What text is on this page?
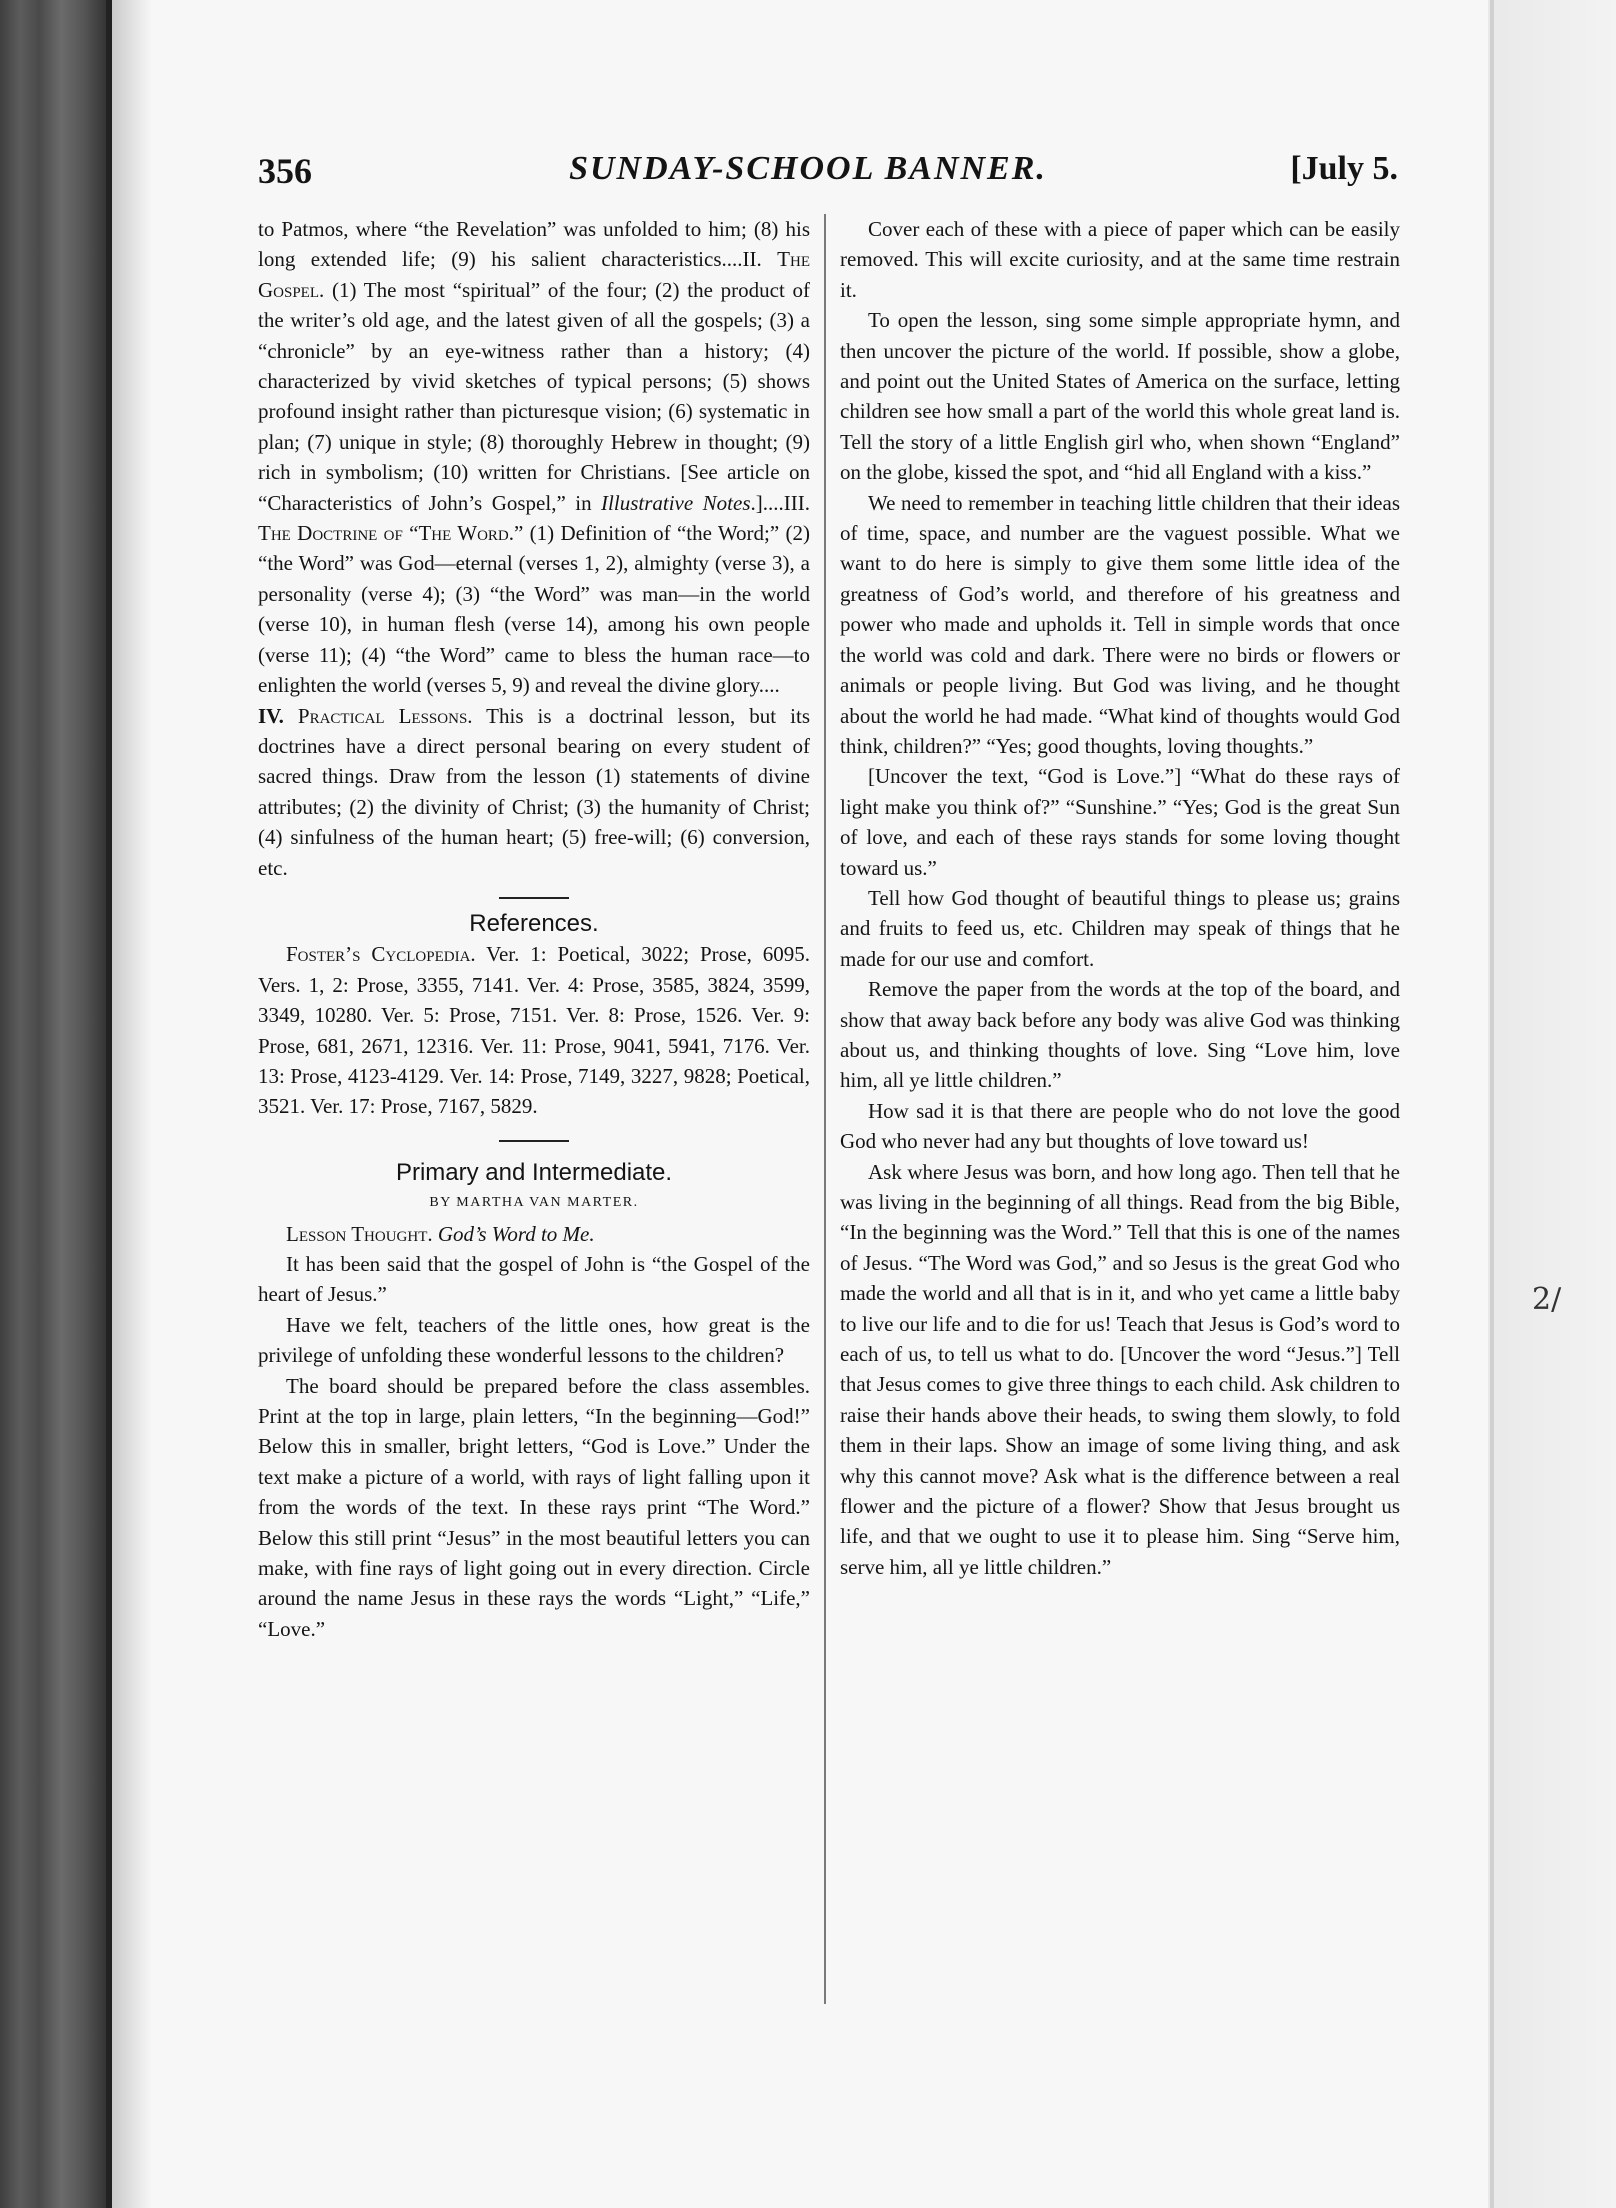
2/
356	SUNDAY-SCHOOL BANNER.	[July 5.

to Patmos, where “the Revelation” was unfolded to him; (8) his long extended life; (9) his salient characteristics....II. The Gospel. (1) The most “spiritual” of the four; (2) the product of the writer’s old age, and the latest given of all the gospels; (3) a “chronicle” by an eye-witness rather than a history; (4) characterized by vivid sketches of typical persons; (5) shows profound insight rather than picturesque vision; (6) systematic in plan; (7) unique in style; (8) thoroughly Hebrew in thought; (9) rich in symbolism; (10) written for Christians. [See article on “Characteristics of John’s Gospel,” in Illustrative Notes.]....III. The Doctrine of “The Word.” (1) Definition of “the Word;” (2) “the Word” was God—eternal (verses 1, 2), almighty (verse 3), a personality (verse 4); (3) “the Word” was man—in the world (verse 10), in human flesh (verse 14), among his own people (verse 11); (4) “the Word” came to bless the human race—to enlighten the world (verses 5, 9) and reveal the divine glory....
IV. Practical Lessons. This is a doctrinal lesson, but its doctrines have a direct personal bearing on every student of sacred things. Draw from the lesson (1) statements of divine attributes; (2) the divinity of Christ; (3) the humanity of Christ; (4) sinfulness of the human heart; (5) free-will; (6) conversion, etc.

References.

Foster’s Cyclopedia. Ver. 1: Poetical, 3022; Prose, 6095. Vers. 1, 2: Prose, 3355, 7141. Ver. 4: Prose, 3585, 3824, 3599, 3349, 10280. Ver. 5: Prose, 7151. Ver. 8: Prose, 1526. Ver. 9: Prose, 681, 2671, 12316. Ver. 11: Prose, 9041, 5941, 7176. Ver. 13: Prose, 4123-4129. Ver. 14: Prose, 7149, 3227, 9828; Poetical, 3521. Ver. 17: Prose, 7167, 5829.

Primary and Intermediate.

BY MARTHA VAN MARTER.

Lesson Thought. God’s Word to Me.

It has been said that the gospel of John is “the Gospel of the heart of Jesus.”

Have we felt, teachers of the little ones, how great is the privilege of unfolding these wonderful lessons to the children?

The board should be prepared before the class assembles. Print at the top in large, plain letters, “In the beginning—God!” Below this in smaller, bright letters, “God is Love.” Under the text make a picture of a world, with rays of light falling upon it from the words of the text. In these rays print “The Word.” Below this still print “Jesus” in the most beautiful letters you can make, with fine rays of light going out in every direction. Circle around the name Jesus in these rays the words “Light,” “Life,” “Love.”

Cover each of these with a piece of paper which can be easily removed. This will excite curiosity, and at the same time restrain it.

To open the lesson, sing some simple appropriate hymn, and then uncover the picture of the world. If possible, show a globe, and point out the United States of America on the surface, letting children see how small a part of the world this whole great land is. Tell the story of a little English girl who, when shown “England” on the globe, kissed the spot, and “hid all England with a kiss.”

We need to remember in teaching little children that their ideas of time, space, and number are the vaguest possible. What we want to do here is simply to give them some little idea of the greatness of God’s world, and therefore of his greatness and power who made and upholds it. Tell in simple words that once the world was cold and dark. There were no birds or flowers or animals or people living. But God was living, and he thought about the world he had made. “What kind of thoughts would God think, children?” “Yes; good thoughts, loving thoughts.”

[Uncover the text, “God is Love.”] “What do these rays of light make you think of?” “Sunshine.” “Yes; God is the great Sun of love, and each of these rays stands for some loving thought toward us.”

Tell how God thought of beautiful things to please us; grains and fruits to feed us, etc. Children may speak of things that he made for our use and comfort.

Remove the paper from the words at the top of the board, and show that away back before any body was alive God was thinking about us, and thinking thoughts of love. Sing “Love him, love him, all ye little children.”

How sad it is that there are people who do not love the good God who never had any but thoughts of love toward us!

Ask where Jesus was born, and how long ago. Then tell that he was living in the beginning of all things. Read from the big Bible, “In the beginning was the Word.” Tell that this is one of the names of Jesus. “The Word was God,” and so Jesus is the great God who made the world and all that is in it, and who yet came a little baby to live our life and to die for us! Teach that Jesus is God’s word to each of us, to tell us what to do. [Uncover the word “Jesus.”] Tell that Jesus comes to give three things to each child. Ask children to raise their hands above their heads, to swing them slowly, to fold them in their laps. Show an image of some living thing, and ask why this cannot move? Ask what is the difference between a real flower and the picture of a flower? Show that Jesus brought us life, and that we ought to use it to please him. Sing “Serve him, serve him, all ye little children.”
